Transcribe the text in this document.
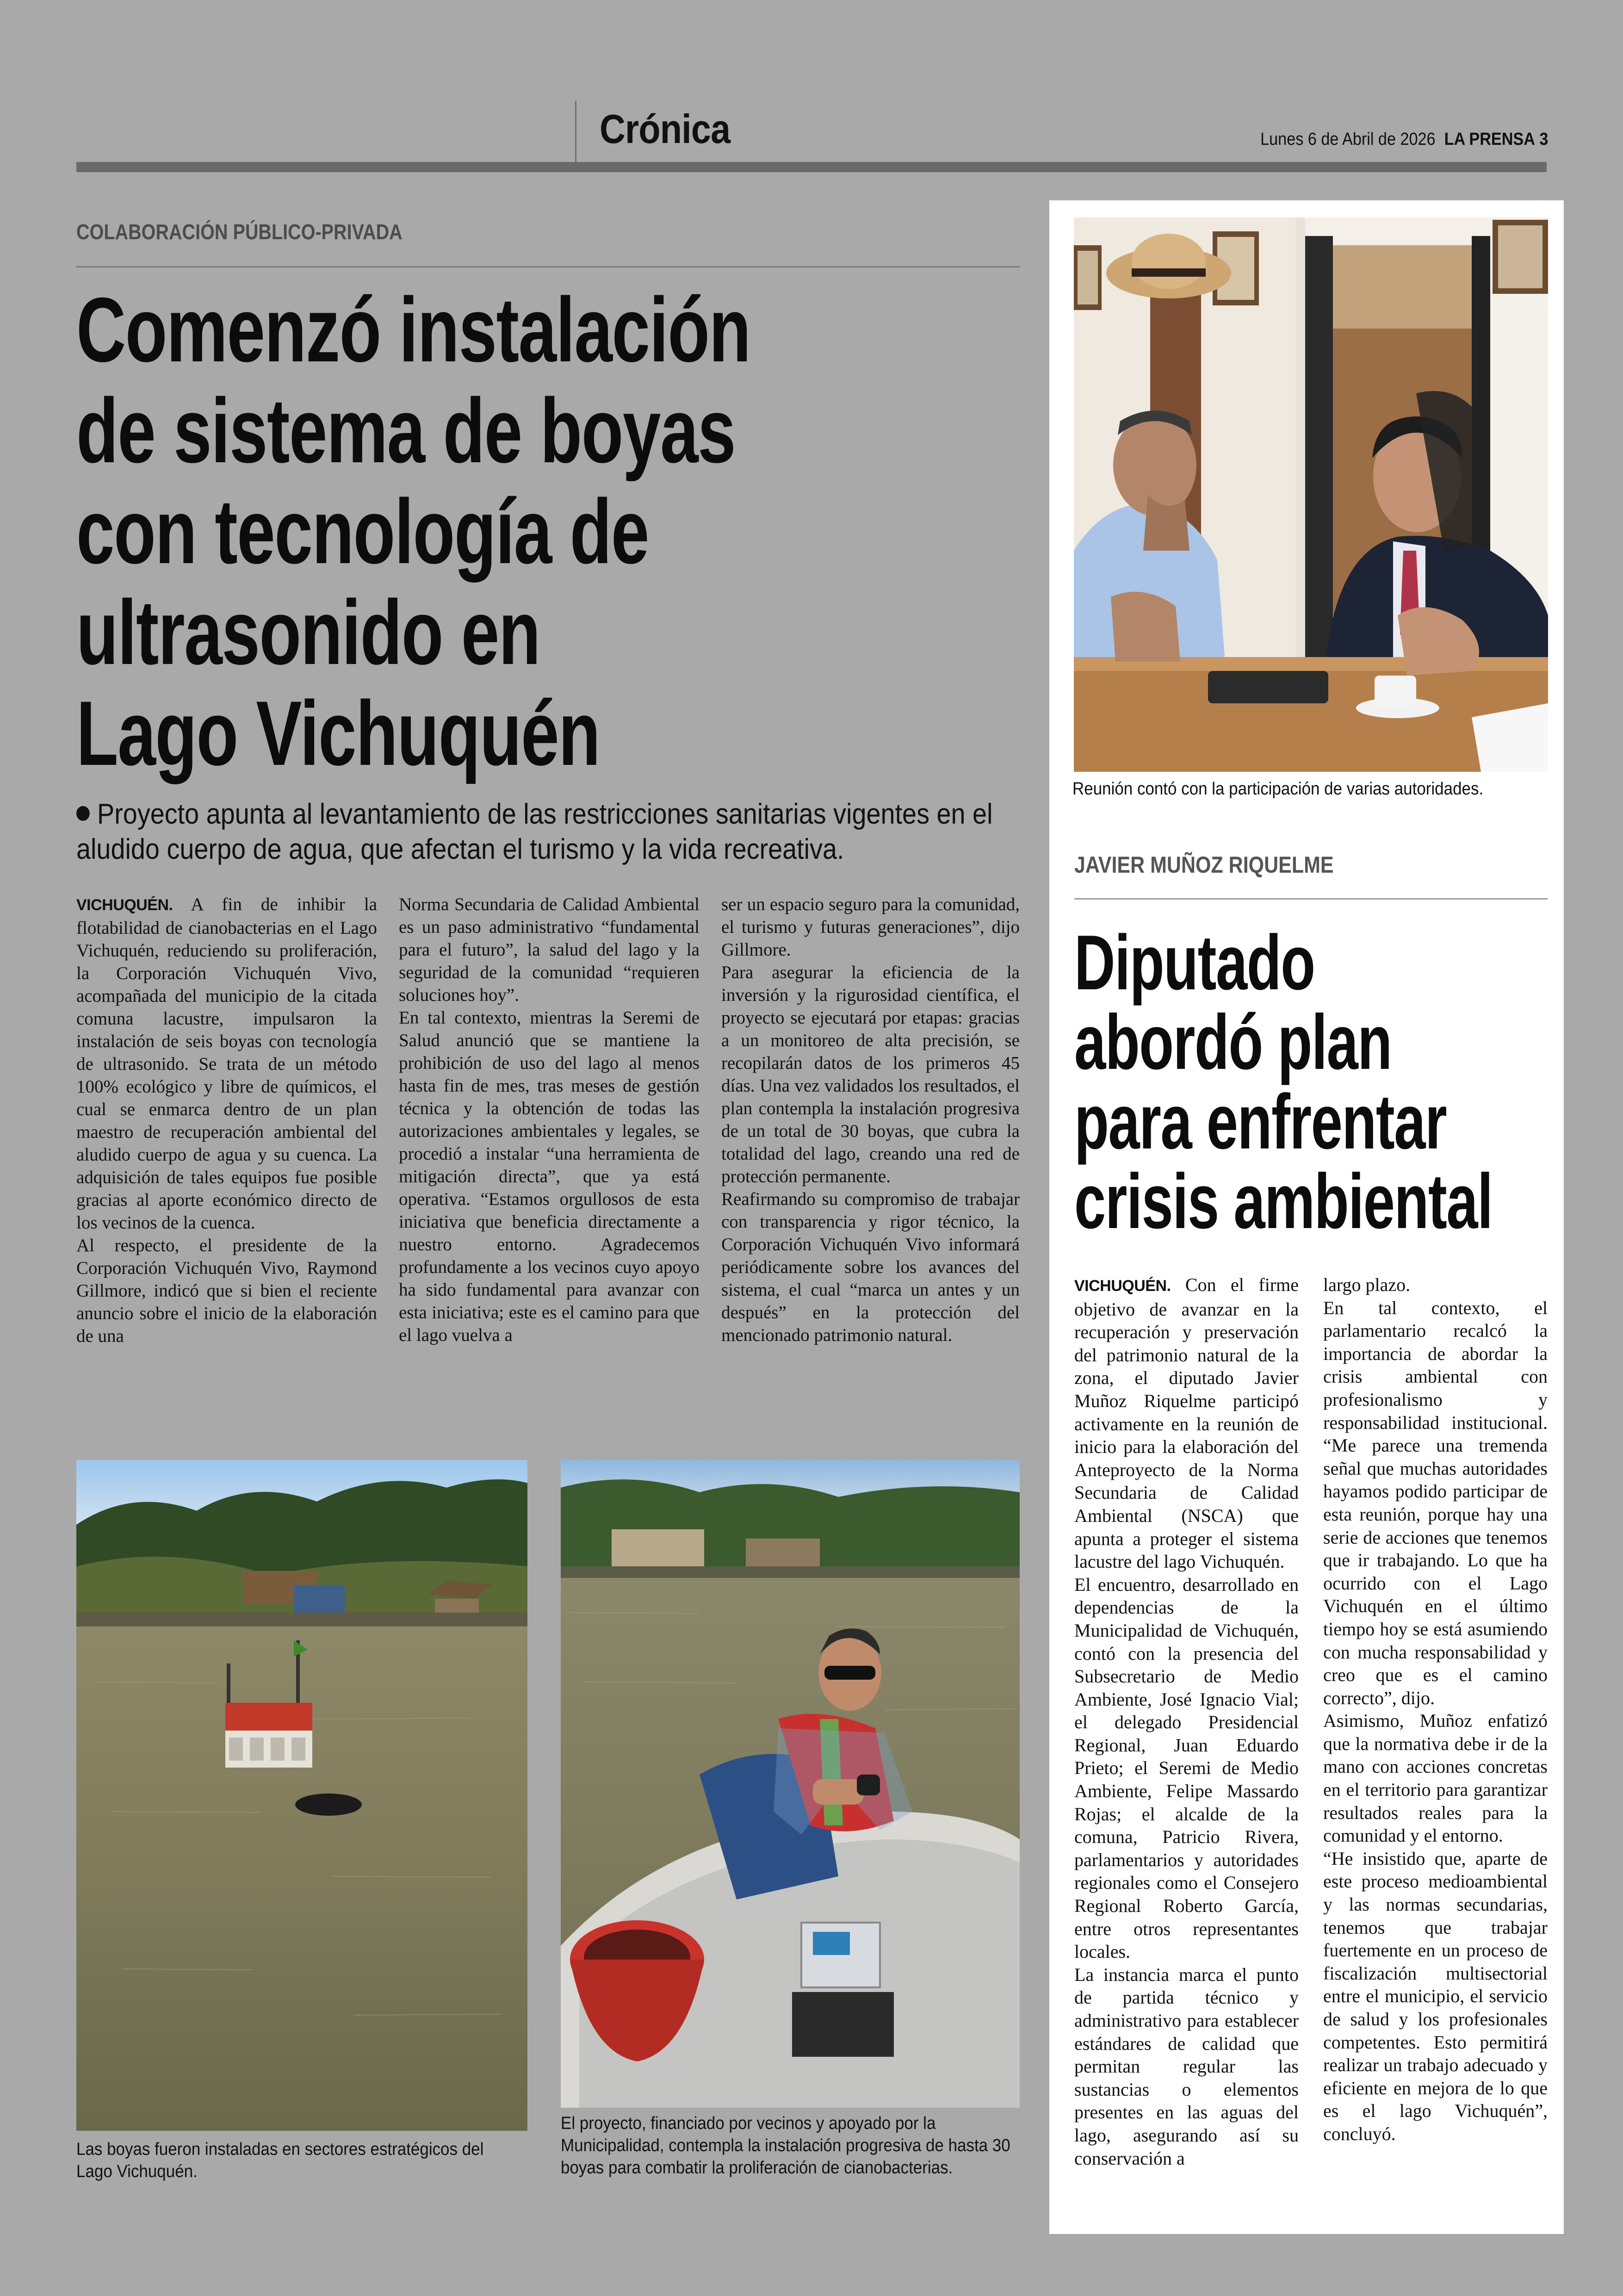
Crónica	Lunes 6 de Abril de 2026 LA PRENSA 3
COLABORACIÓN PÚBLICO-PRIVADA
Comenzó instalación
de sistema de boyas
con tecnología de
ultrasonido en
Lago Vichuquén
Proyecto apunta al levantamiento de las restricciones sanitarias vigentes en el aludido cuerpo de agua, que afectan el turismo y la vida recreativa.

VICHUQUÉN. A fin de inhibir la flotabilidad de cianobacterias en el Lago Vichuquén, reduciendo su proliferación, la Corporación Vichuquén Vivo, acompañada del municipio de la citada comuna lacustre, impulsaron la instalación de seis boyas con tecnología de ultrasonido. Se trata de un método 100% ecológico y libre de químicos, el cual se enmarca dentro de un plan maestro de recuperación ambiental del aludido cuerpo de agua y su cuenca. La adquisición de tales equipos fue posible gracias al aporte económico directo de los vecinos de la cuenca.

Al respecto, el presidente de la Corporación Vichuquén Vivo, Raymond Gillmore, indicó que si bien el reciente anuncio sobre el inicio de la elaboración de una

Norma Secundaria de Calidad Ambiental es un paso administrativo “fundamental para el futuro”, la salud del lago y la seguridad de la comunidad “requieren soluciones hoy”.

En tal contexto, mientras la Seremi de Salud anunció que se mantiene la prohibición de uso del lago al menos hasta fin de mes, tras meses de gestión técnica y la obtención de todas las autorizaciones ambientales y legales, se procedió a instalar “una herramienta de mitigación directa”, que ya está operativa. “Estamos orgullosos de esta iniciativa que beneficia directamente a nuestro entorno. Agradecemos profundamente a los vecinos cuyo apoyo ha sido fundamental para avanzar con esta iniciativa; este es el camino para que el lago vuelva a

ser un espacio seguro para la comunidad, el turismo y futuras generaciones”, dijo Gillmore.

Para asegurar la eficiencia de la inversión y la rigurosidad científica, el proyecto se ejecutará por etapas: gracias a un monitoreo de alta precisión, se recopilarán datos de los primeros 45 días. Una vez validados los resultados, el plan contempla la instalación progresiva de un total de 30 boyas, que cubra la totalidad del lago, creando una red de protección permanente.

Reafirmando su compromiso de trabajar con transparencia y rigor técnico, la Corporación Vichuquén Vivo informará periódicamente sobre los avances del sistema, el cual “marca un antes y un después” en la protección del mencionado patrimonio natural.

Las boyas fueron instaladas en sectores estratégicos del Lago Vichuquén.
El proyecto, financiado por vecinos y apoyado por la Municipalidad, contempla la instalación progresiva de hasta 30 boyas para combatir la proliferación de cianobacterias.
Reunión contó con la participación de varias autoridades.
JAVIER MUÑOZ RIQUELME
Diputado
abordó plan
para enfrentar
crisis ambiental

VICHUQUÉN. Con el firme objetivo de avanzar en la recuperación y preservación del patrimonio natural de la zona, el diputado Javier Muñoz Riquelme participó activamente en la reunión de inicio para la elaboración del Anteproyecto de la Norma Secundaria de Calidad Ambiental (NSCA) que apunta a proteger el sistema lacustre del lago Vichuquén.

El encuentro, desarrollado en dependencias de la Municipalidad de Vichuquén, contó con la presencia del Subsecretario de Medio Ambiente, José Ignacio Vial; el delegado Presidencial Regional, Juan Eduardo Prieto; el Seremi de Medio Ambiente, Felipe Massardo Rojas; el alcalde de la comuna, Patricio Rivera, parlamentarios y autoridades regionales como el Consejero Regional Roberto García, entre otros representantes locales.

La instancia marca el punto de partida técnico y administrativo para establecer estándares de calidad que permitan regular las sustancias o elementos presentes en las aguas del lago, asegurando así su conservación a

largo plazo.

En tal contexto, el parlamentario recalcó la importancia de abordar la crisis ambiental con profesionalismo y responsabilidad institucional. “Me parece una tremenda señal que muchas autoridades hayamos podido participar de esta reunión, porque hay una serie de acciones que tenemos que ir trabajando. Lo que ha ocurrido con el Lago Vichuquén en el último tiempo hoy se está asumiendo con mucha responsabilidad y creo que es el camino correcto”, dijo.

Asimismo, Muñoz enfatizó que la normativa debe ir de la mano con acciones concretas en el territorio para garantizar resultados reales para la comunidad y el entorno.

“He insistido que, aparte de este proceso medioambiental y las normas secundarias, tenemos que trabajar fuertemente en un proceso de fiscalización multisectorial entre el municipio, el servicio de salud y los profesionales competentes. Esto permitirá realizar un trabajo adecuado y eficiente en mejora de lo que es el lago Vichuquén”, concluyó.
